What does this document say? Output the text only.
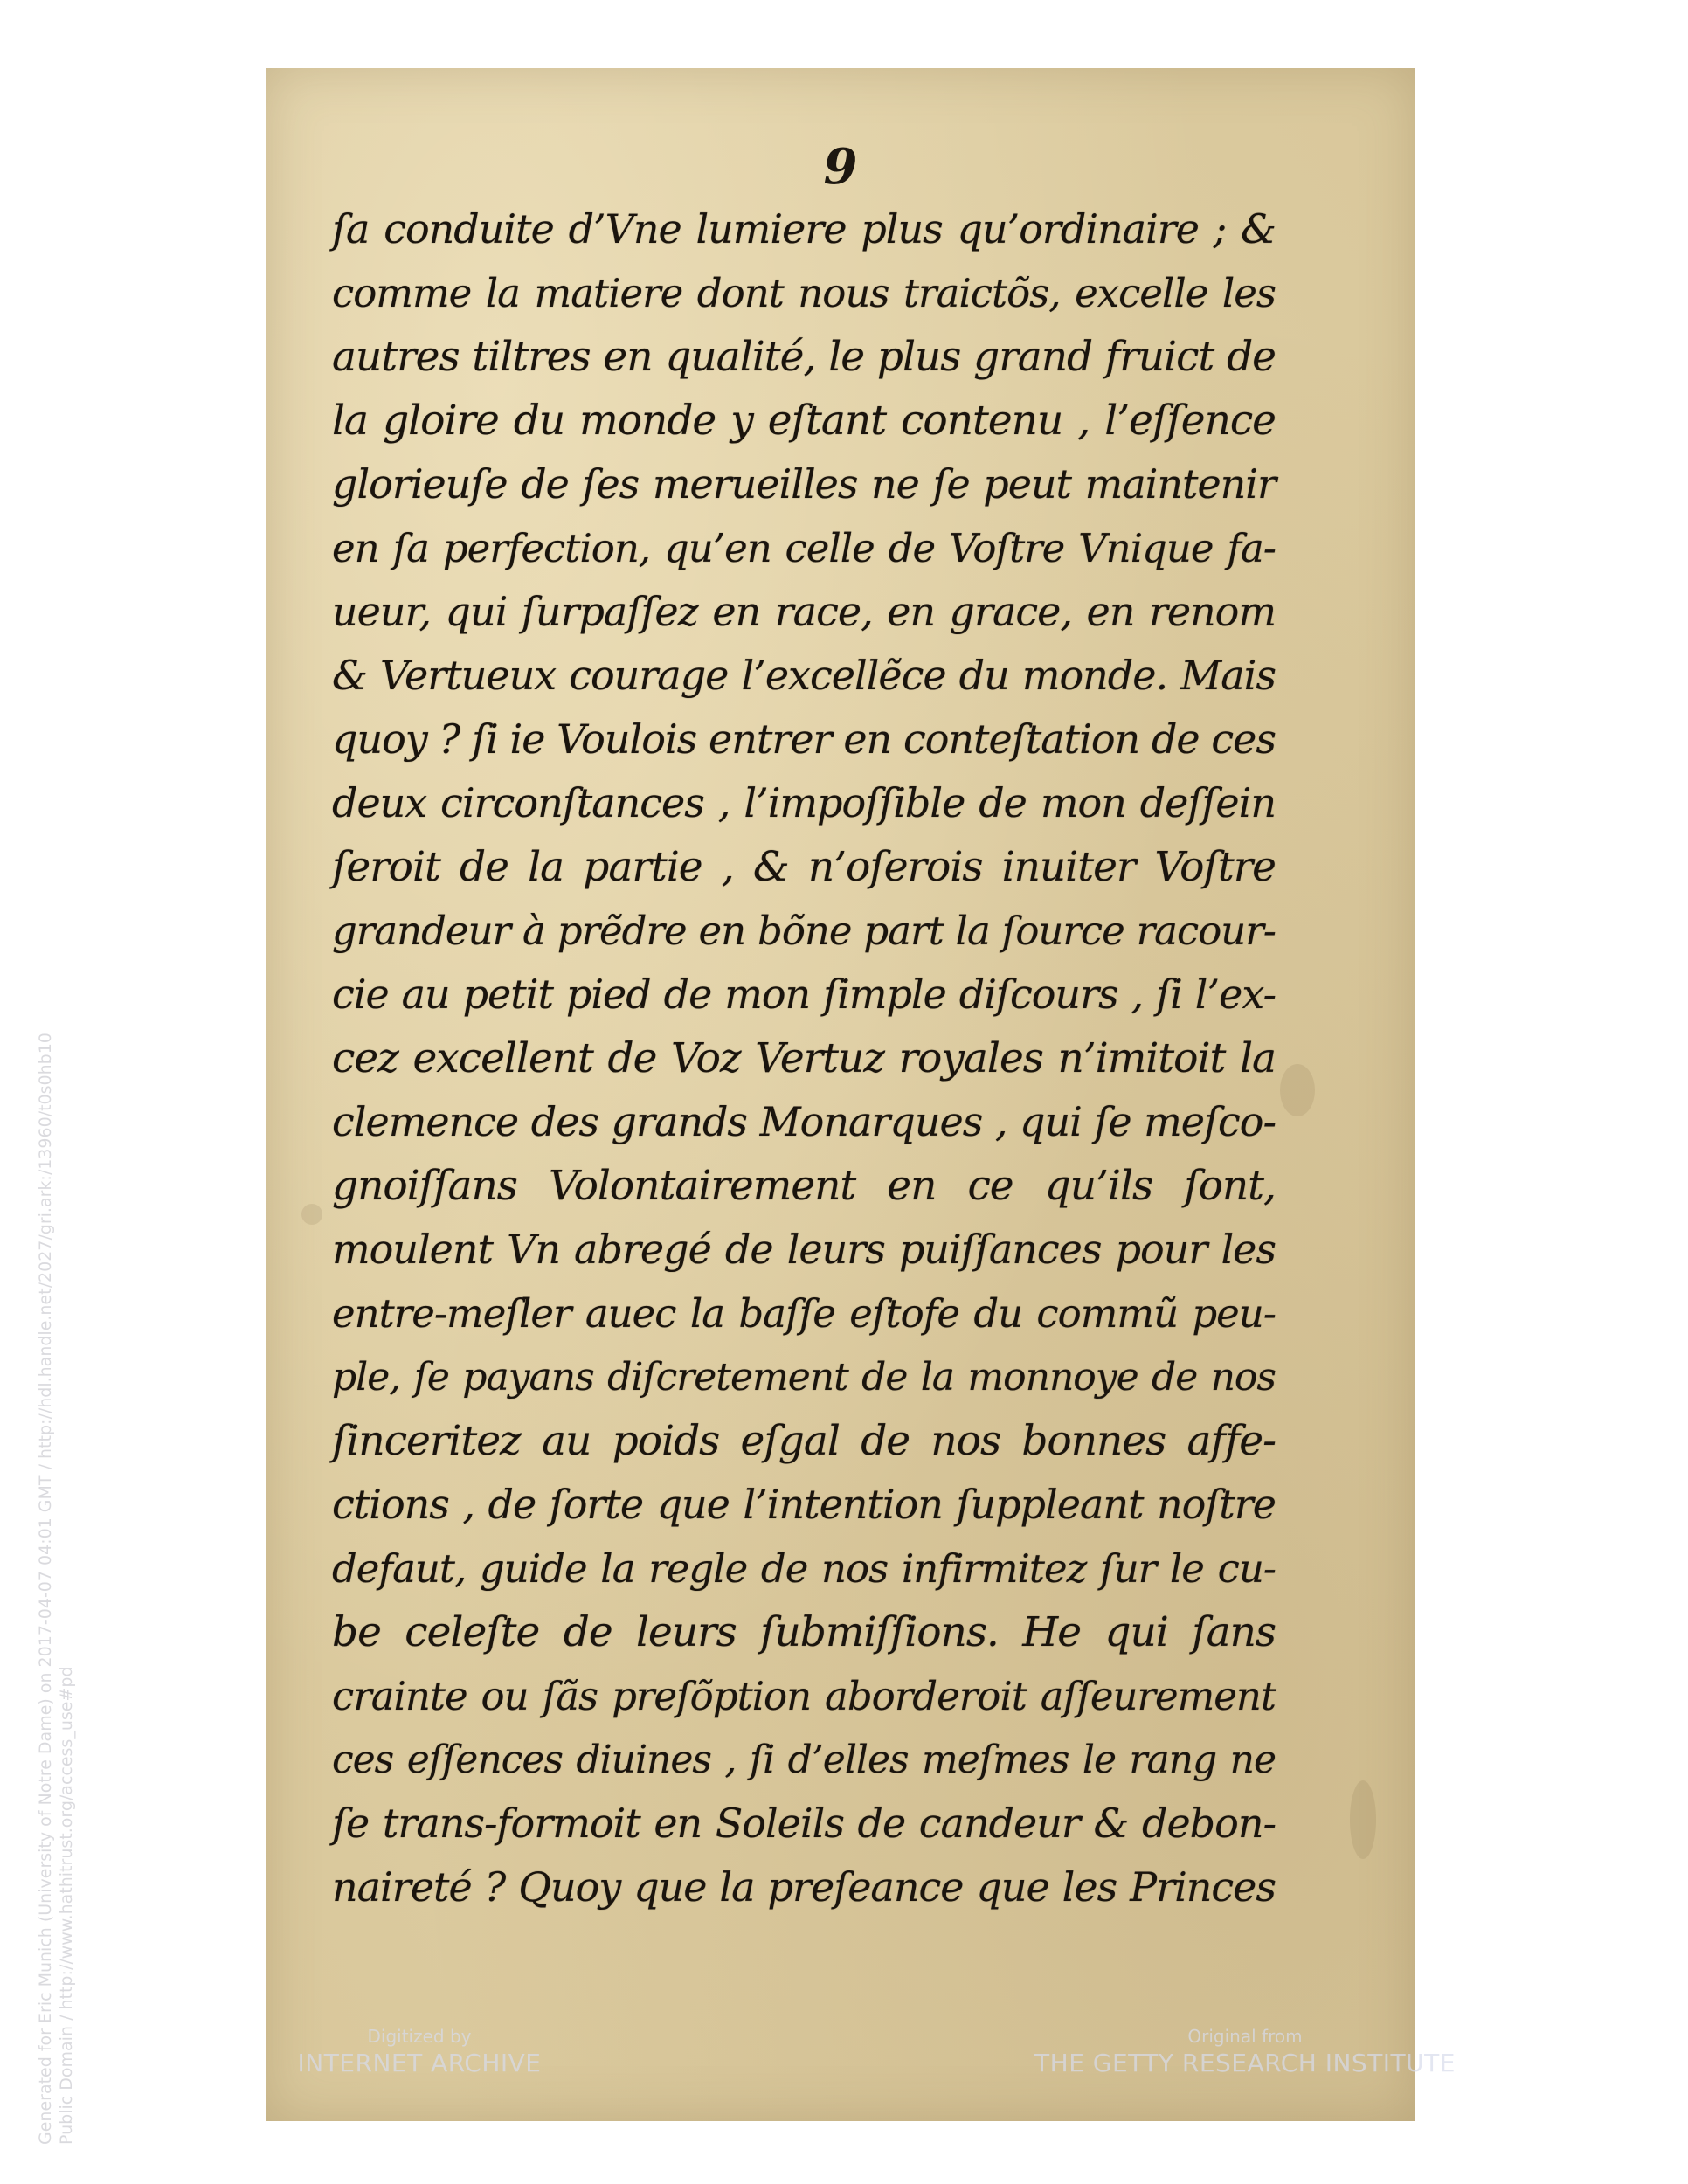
9
ſa conduite d’Vne lumiere plus qu’ordinaire ; &
comme la matiere dont nous traictõs, excelle les
autres tiltres en qualité, le plus grand fruict de
la gloire du monde y eſtant contenu , l’eſſence
glorieuſe de ſes merueilles ne ſe peut maintenir
en ſa perfection, qu’en celle de Voſtre Vnique fa-
ueur, qui ſurpaſſez en race, en grace, en renom
& Vertueux courage l’excellẽce du monde. Mais
quoy ? ſi ie Voulois entrer en conteſtation de ces
deux circonſtances , l’impoſſible de mon deſſein
ſeroit de la partie , & n’oſerois inuiter Voſtre
grandeur à prẽdre en bõne part la ſource racour-
cie au petit pied de mon ſimple diſcours , ſi l’ex-
cez excellent de Voz Vertuz royales n’imitoit la
clemence des grands Monarques , qui ſe meſco-
gnoiſſans Volontairement en ce qu’ils ſont,
moulent Vn abregé de leurs puiſſances pour les
entre-meſler auec la baſſe eſtofe du commũ peu-
ple, ſe payans diſcretement de la monnoye de nos
ſinceritez au poids eſgal de nos bonnes affe-
ctions , de ſorte que l’intention ſuppleant noſtre
defaut, guide la regle de nos infirmitez ſur le cu-
be celeſte de leurs ſubmiſſions. He qui ſans
crainte ou ſãs preſõption aborderoit aſſeurement
ces eſſences diuines , ſi d’elles meſmes le rang ne
ſe trans-formoit en Soleils de candeur & debon-
naireté ? Quoy que la preſeance que les Princes
Generated for Eric Munich (University of Notre Dame) on 2017-04-07 04:01 GMT / http://hdl.handle.net/2027/gri.ark:/13960/t0s0hb10 Public Domain / http://www.hathitrust.org/access_use#pd	Digitized by
INTERNET ARCHIVE
Original from
THE GETTY RESEARCH INSTITUTE
